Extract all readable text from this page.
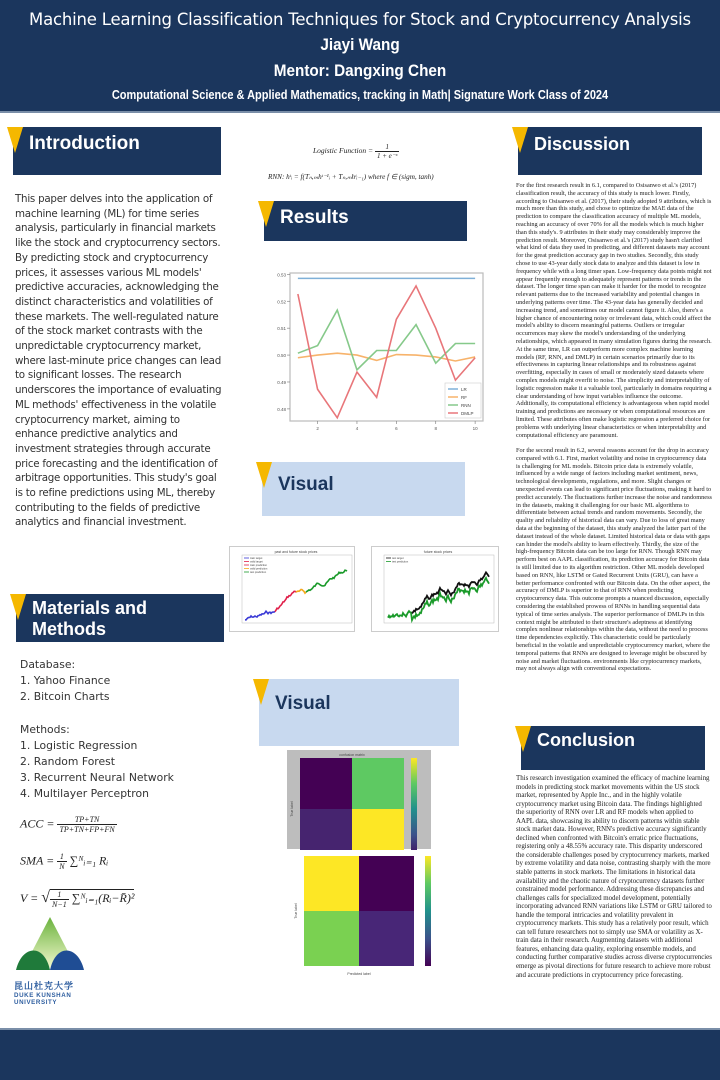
Machine Learning Classification Techniques for Stock and Cryptocurrency Analysis
Jiayi Wang
Mentor: Dangxing Chen
Computational Science & Applied Mathematics, tracking in Math| Signature Work Class of 2024
Introduction
This paper delves into the application of machine learning (ML) for time series analysis, particularly in financial markets like the stock and cryptocurrency sectors. By predicting stock and cryptocurrency prices, it assesses various ML models' predictive accuracies, acknowledging the distinct characteristics and volatilities of these markets. The well-regulated nature of the stock market contrasts with the unpredictable cryptocurrency market, where last-minute price changes can lead to significant losses. The research underscores the importance of evaluating ML methods' effectiveness in the volatile cryptocurrency market, aiming to enhance predictive analytics and investment strategies through accurate price forecasting and the identification of arbitrage opportunities. This study's goal is to refine predictions using ML, thereby contributing to the fields of predictive analytics and financial investment.
Materials and
Methods
Database:
1. Yahoo Finance
2. Bitcoin Charts
Methods:
1. Logistic Regression
2. Random Forest
3. Recurrent Neural Network
4. Multilayer Perceptron
ACC = $\frac{TP+TN}{TP+TN+FP+FN}$
SMA = $\frac{1}{N}$ ∑ᴺᵢ₌₁ Rᵢ
V = √ $\frac{1}{N-1}$ ∑ᴺᵢ₌₁(Rᵢ−R̄)²
昆山杜克大学
DUKE KUNSHAN
UNIVERSITY
Logistic Function = $\frac{1}{\text{1 + e⁻ˣ}}$
RNN: hᵗᵢ = f(Tₙ,ₘhᵗ⁻¹ᵢ + Tₙ,ₘhᵗᵢ₋₁) where f ∈ (sigm, tanh)
Results
0.48
0.49
0.50
0.51
0.52
0.53
2	4	6	8	10
LR
RF
RNN
DMLP
Visual
past and future stock prices
train target
valid target
train prediction
valid prediction
test prediction
future stock prices
test target
test prediction
Visual
confusion matrix
True label
Predicted label
True label
Discussion

For the first research result in 6.1, compared to Osisanwo et al.'s (2017) classification result, the accuracy of this study is much lower. Firstly, according to Osisanwo et al. (2017), their study adopted 9 attributes, which is much more than this study, and chose to optimize the MAE data of the prediction to compare the classification accuracy of multiple ML models, reaching an accuracy of over 70% for all the models which is much higher than this study's. 9 attributes in their study may considerably improve the prediction result. Moreover, Osisanwo et al.'s (2017) study hasn't clarified what kind of data they used in predicting, and different datasets may account for the great prediction accuracy gap in two studies. Secondly, this study chose to use 43-year daily stock data to analyze and this dataset is low in frequency while with a long timer span. Low-frequency data points might not appear frequently enough to adequately represent patterns or trends in the dataset. The longer time span can make it harder for the model to recognize relevant patterns due to the increased variability and potential changes in underlying patterns over time. The 43-year data has generally decided and increasing trend, and sometimes our model cannot figure it. Also, there's a higher chance of encountering noisy or irrelevant data, which could affect the model's ability to discern meaningful patterns. Outliers or irregular occurrences may skew the model's understanding of the underlying relationships, which appeared in many simulation figures during the research. At the same time, LR can outperform more complex machine learning models (RF, RNN, and DMLP) in certain scenarios primarily due to its effectiveness in capturing linear relationships and its robustness against overfitting, especially in cases of small or moderately sized datasets where complex models might overfit to noise. The simplicity and interpretability of logistic regression make it a valuable tool, particularly in domains requiring a clear understanding of how input variables influence the outcome. Additionally, its computational efficiency is advantageous when rapid model training and predictions are necessary or when computational resources are limited. These attributes often make logistic regression a preferred choice for problems with underlying linear characteristics or when interpretability and computational efficiency are paramount.

For the second result in 6.2, several reasons account for the drop in accuracy compared with 6.1. First, market volatility and noise in cryptocurrency data is challenging for ML models. Bitcoin price data is extremely volatile, influenced by a wide range of factors including market sentiment, news, technological developments, regulations, and more. Slight changes or unexpected events can lead to significant price fluctuations, making it hard to predict accurately. The fluctuations further increase the noise and randomness in the datasets, making it challenging for our basic ML algorithms to differentiate between actual trends and random movements. Secondly, the quality and reliability of historical data can vary. Due to loss of great many data at the beginning of the dataset, this study analyzed the latter part of the dataset instead of the whole dataset. Limited historical data or data with gaps can hinder the model's ability to learn effectively. Thirdly, the size of the high-frequency Bitcoin data can be too large for RNN. Though RNN may perform best on AAPL classification, its prediction accuracy for Bitcoin data is still limited due to its algorithm restriction. Other ML models developed based on RNN, like LSTM or Gated Recurrent Units (GRU), can have a better performance confronted with our Bitcoin data. On the other aspect, the accuracy of DMLP is superior to that of RNN when predicting cryptocurrency data. This outcome prompts a nuanced discussion, especially considering the established prowess of RNNs in handling sequential data typical of time series analysis. The superior performance of DMLPs in this context might be attributed to their structure's adeptness at identifying complex nonlinear relationships within the data, without the need to process time dependencies explicitly. This characteristic could be particularly beneficial in the volatile and unpredictable cryptocurrency market, where the temporal patterns that RNNs are designed to leverage might be obscured by noise and market fluctuations. environments like cryptocurrency markets, may not always align with conventional expectations.

Conclusion
This research investigation examined the efficacy of machine learning models in predicting stock market movements within the US stock market, represented by Apple Inc., and in the highly volatile cryptocurrency market using Bitcoin data. The findings highlighted the superiority of RNN over LR and RF models when applied to AAPL data, showcasing its ability to discern patterns within stable stock market data. However, RNN's predictive accuracy significantly declined when confronted with Bitcoin's erratic price fluctuations, registering only a 48.55% accuracy rate. This disparity underscored the considerable challenges posed by cryptocurrency markets, marked by extreme volatility and data noise, contrasting sharply with the more stable patterns in stock markets. The limitations in historical data availability and the chaotic nature of cryptocurrency datasets further constrained model performance. Addressing these discrepancies and challenges calls for specialized model development, potentially incorporating advanced RNN variations like LSTM or GRU tailored to handle the temporal intricacies and volatility prevalent in cryptocurrency markets. This study has a relatively poor result, which can tell future researchers not to simply use SMA or volatility as X-train data in their research. Augmenting datasets with additional features, enhancing data quality, exploring ensemble models, and conducting further comparative studies across diverse cryptocurrencies emerge as pivotal directions for future research to achieve more robust and accurate predictions in cryptocurrency price forecasting.
